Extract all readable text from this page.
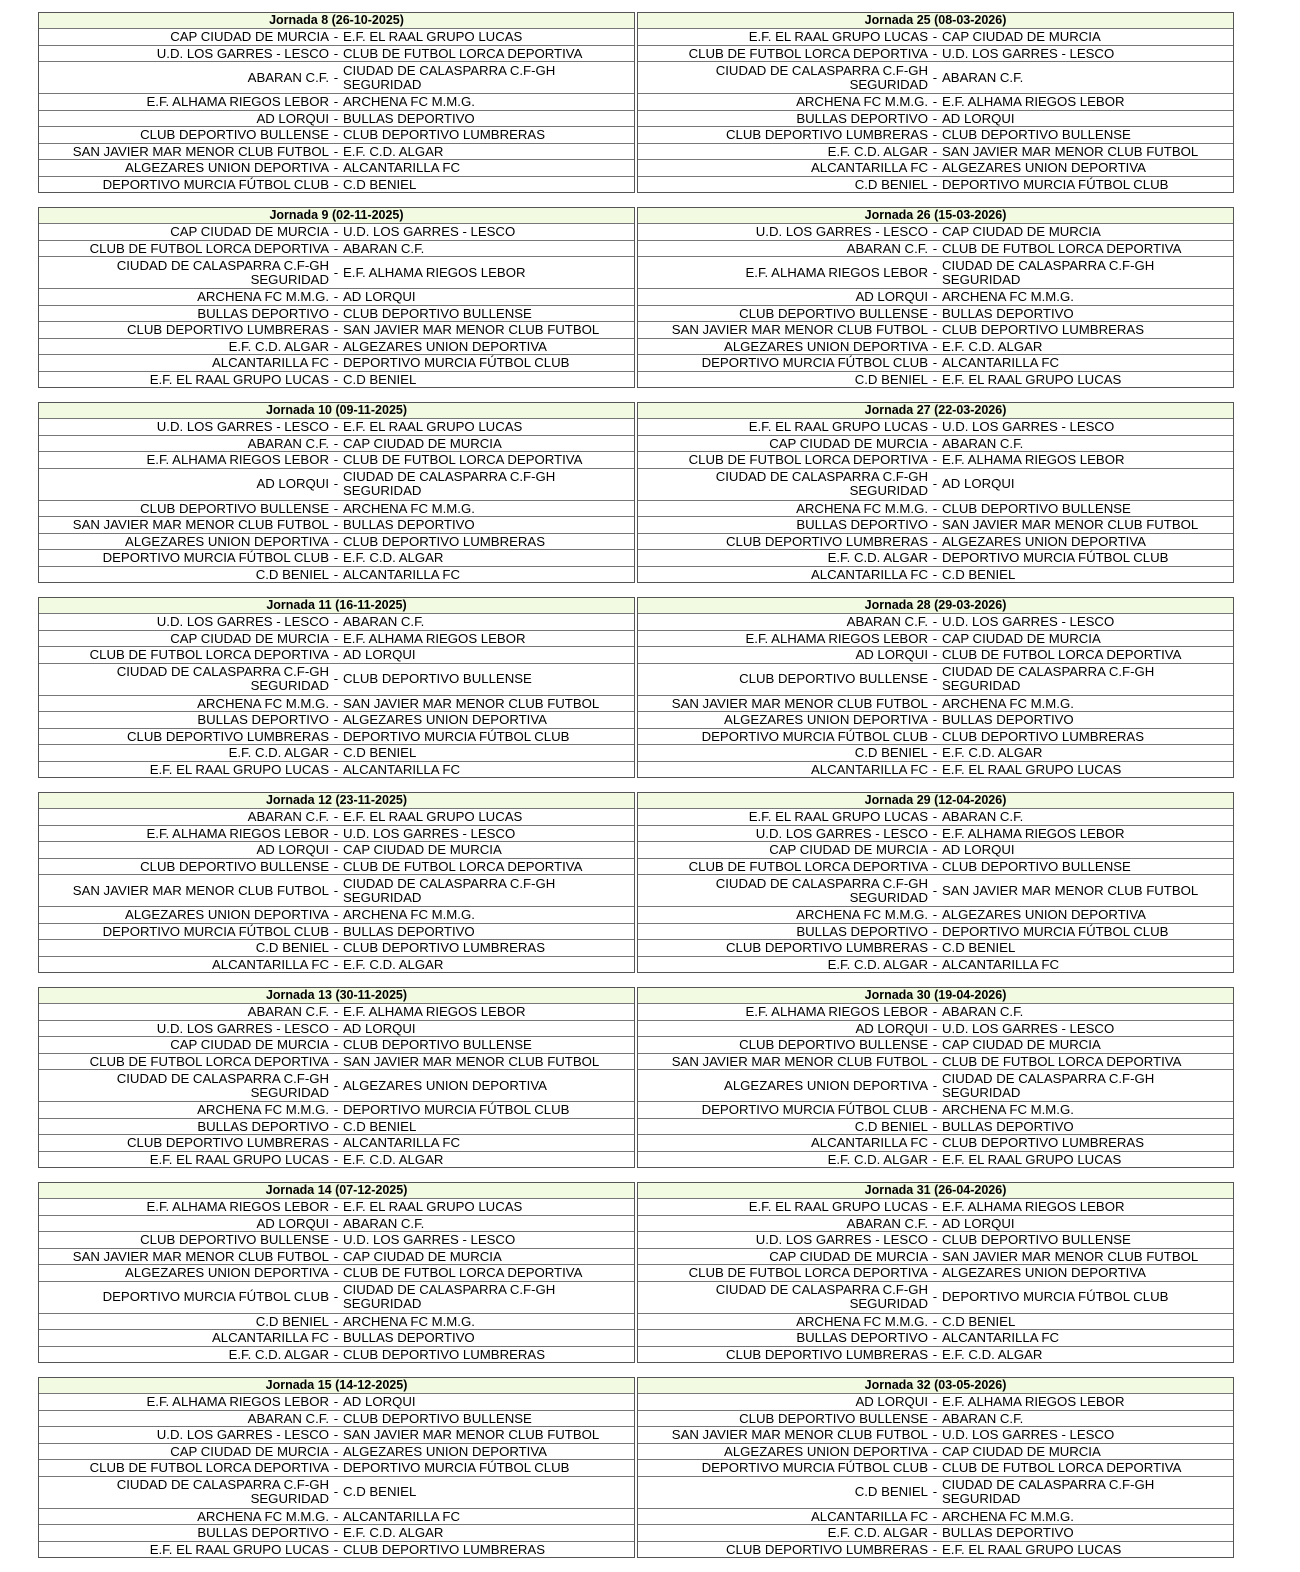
Jornada 8 (26-10-2025)
CAP CIUDAD DE MURCIA - E.F. EL RAAL GRUPO LUCAS
U.D. LOS GARRES - LESCO - CLUB DE FUTBOL LORCA DEPORTIVA
ABARAN C.F. - CIUDAD DE CALASPARRA C.F-GH
SEGURIDAD
E.F. ALHAMA RIEGOS LEBOR - ARCHENA FC M.M.G.
AD LORQUI - BULLAS DEPORTIVO
CLUB DEPORTIVO BULLENSE - CLUB DEPORTIVO LUMBRERAS
SAN JAVIER MAR MENOR CLUB FUTBOL - E.F. C.D. ALGAR
ALGEZARES UNION DEPORTIVA - ALCANTARILLA FC
DEPORTIVO MURCIA FÚTBOL CLUB - C.D BENIEL
Jornada 25 (08-03-2026)
E.F. EL RAAL GRUPO LUCAS - CAP CIUDAD DE MURCIA
CLUB DE FUTBOL LORCA DEPORTIVA - U.D. LOS GARRES - LESCO
CIUDAD DE CALASPARRA C.F-GH
SEGURIDAD - ABARAN C.F.
ARCHENA FC M.M.G. - E.F. ALHAMA RIEGOS LEBOR
BULLAS DEPORTIVO - AD LORQUI
CLUB DEPORTIVO LUMBRERAS - CLUB DEPORTIVO BULLENSE
E.F. C.D. ALGAR - SAN JAVIER MAR MENOR CLUB FUTBOL
ALCANTARILLA FC - ALGEZARES UNION DEPORTIVA
C.D BENIEL - DEPORTIVO MURCIA FÚTBOL CLUB
Jornada 9 (02-11-2025)
CAP CIUDAD DE MURCIA - U.D. LOS GARRES - LESCO
CLUB DE FUTBOL LORCA DEPORTIVA - ABARAN C.F.
CIUDAD DE CALASPARRA C.F-GH
SEGURIDAD - E.F. ALHAMA RIEGOS LEBOR
ARCHENA FC M.M.G. - AD LORQUI
BULLAS DEPORTIVO - CLUB DEPORTIVO BULLENSE
CLUB DEPORTIVO LUMBRERAS - SAN JAVIER MAR MENOR CLUB FUTBOL
E.F. C.D. ALGAR - ALGEZARES UNION DEPORTIVA
ALCANTARILLA FC - DEPORTIVO MURCIA FÚTBOL CLUB
E.F. EL RAAL GRUPO LUCAS - C.D BENIEL
Jornada 26 (15-03-2026)
U.D. LOS GARRES - LESCO - CAP CIUDAD DE MURCIA
ABARAN C.F. - CLUB DE FUTBOL LORCA DEPORTIVA
E.F. ALHAMA RIEGOS LEBOR - CIUDAD DE CALASPARRA C.F-GH
SEGURIDAD
AD LORQUI - ARCHENA FC M.M.G.
CLUB DEPORTIVO BULLENSE - BULLAS DEPORTIVO
SAN JAVIER MAR MENOR CLUB FUTBOL - CLUB DEPORTIVO LUMBRERAS
ALGEZARES UNION DEPORTIVA - E.F. C.D. ALGAR
DEPORTIVO MURCIA FÚTBOL CLUB - ALCANTARILLA FC
C.D BENIEL - E.F. EL RAAL GRUPO LUCAS
Jornada 10 (09-11-2025)
U.D. LOS GARRES - LESCO - E.F. EL RAAL GRUPO LUCAS
ABARAN C.F. - CAP CIUDAD DE MURCIA
E.F. ALHAMA RIEGOS LEBOR - CLUB DE FUTBOL LORCA DEPORTIVA
AD LORQUI - CIUDAD DE CALASPARRA C.F-GH
SEGURIDAD
CLUB DEPORTIVO BULLENSE - ARCHENA FC M.M.G.
SAN JAVIER MAR MENOR CLUB FUTBOL - BULLAS DEPORTIVO
ALGEZARES UNION DEPORTIVA - CLUB DEPORTIVO LUMBRERAS
DEPORTIVO MURCIA FÚTBOL CLUB - E.F. C.D. ALGAR
C.D BENIEL - ALCANTARILLA FC
Jornada 27 (22-03-2026)
E.F. EL RAAL GRUPO LUCAS - U.D. LOS GARRES - LESCO
CAP CIUDAD DE MURCIA - ABARAN C.F.
CLUB DE FUTBOL LORCA DEPORTIVA - E.F. ALHAMA RIEGOS LEBOR
CIUDAD DE CALASPARRA C.F-GH
SEGURIDAD - AD LORQUI
ARCHENA FC M.M.G. - CLUB DEPORTIVO BULLENSE
BULLAS DEPORTIVO - SAN JAVIER MAR MENOR CLUB FUTBOL
CLUB DEPORTIVO LUMBRERAS - ALGEZARES UNION DEPORTIVA
E.F. C.D. ALGAR - DEPORTIVO MURCIA FÚTBOL CLUB
ALCANTARILLA FC - C.D BENIEL
Jornada 11 (16-11-2025)
U.D. LOS GARRES - LESCO - ABARAN C.F.
CAP CIUDAD DE MURCIA - E.F. ALHAMA RIEGOS LEBOR
CLUB DE FUTBOL LORCA DEPORTIVA - AD LORQUI
CIUDAD DE CALASPARRA C.F-GH
SEGURIDAD - CLUB DEPORTIVO BULLENSE
ARCHENA FC M.M.G. - SAN JAVIER MAR MENOR CLUB FUTBOL
BULLAS DEPORTIVO - ALGEZARES UNION DEPORTIVA
CLUB DEPORTIVO LUMBRERAS - DEPORTIVO MURCIA FÚTBOL CLUB
E.F. C.D. ALGAR - C.D BENIEL
E.F. EL RAAL GRUPO LUCAS - ALCANTARILLA FC
Jornada 28 (29-03-2026)
ABARAN C.F. - U.D. LOS GARRES - LESCO
E.F. ALHAMA RIEGOS LEBOR - CAP CIUDAD DE MURCIA
AD LORQUI - CLUB DE FUTBOL LORCA DEPORTIVA
CLUB DEPORTIVO BULLENSE - CIUDAD DE CALASPARRA C.F-GH
SEGURIDAD
SAN JAVIER MAR MENOR CLUB FUTBOL - ARCHENA FC M.M.G.
ALGEZARES UNION DEPORTIVA - BULLAS DEPORTIVO
DEPORTIVO MURCIA FÚTBOL CLUB - CLUB DEPORTIVO LUMBRERAS
C.D BENIEL - E.F. C.D. ALGAR
ALCANTARILLA FC - E.F. EL RAAL GRUPO LUCAS
Jornada 12 (23-11-2025)
ABARAN C.F. - E.F. EL RAAL GRUPO LUCAS
E.F. ALHAMA RIEGOS LEBOR - U.D. LOS GARRES - LESCO
AD LORQUI - CAP CIUDAD DE MURCIA
CLUB DEPORTIVO BULLENSE - CLUB DE FUTBOL LORCA DEPORTIVA
SAN JAVIER MAR MENOR CLUB FUTBOL - CIUDAD DE CALASPARRA C.F-GH
SEGURIDAD
ALGEZARES UNION DEPORTIVA - ARCHENA FC M.M.G.
DEPORTIVO MURCIA FÚTBOL CLUB - BULLAS DEPORTIVO
C.D BENIEL - CLUB DEPORTIVO LUMBRERAS
ALCANTARILLA FC - E.F. C.D. ALGAR
Jornada 29 (12-04-2026)
E.F. EL RAAL GRUPO LUCAS - ABARAN C.F.
U.D. LOS GARRES - LESCO - E.F. ALHAMA RIEGOS LEBOR
CAP CIUDAD DE MURCIA - AD LORQUI
CLUB DE FUTBOL LORCA DEPORTIVA - CLUB DEPORTIVO BULLENSE
CIUDAD DE CALASPARRA C.F-GH
SEGURIDAD - SAN JAVIER MAR MENOR CLUB FUTBOL
ARCHENA FC M.M.G. - ALGEZARES UNION DEPORTIVA
BULLAS DEPORTIVO - DEPORTIVO MURCIA FÚTBOL CLUB
CLUB DEPORTIVO LUMBRERAS - C.D BENIEL
E.F. C.D. ALGAR - ALCANTARILLA FC
Jornada 13 (30-11-2025)
ABARAN C.F. - E.F. ALHAMA RIEGOS LEBOR
U.D. LOS GARRES - LESCO - AD LORQUI
CAP CIUDAD DE MURCIA - CLUB DEPORTIVO BULLENSE
CLUB DE FUTBOL LORCA DEPORTIVA - SAN JAVIER MAR MENOR CLUB FUTBOL
CIUDAD DE CALASPARRA C.F-GH
SEGURIDAD - ALGEZARES UNION DEPORTIVA
ARCHENA FC M.M.G. - DEPORTIVO MURCIA FÚTBOL CLUB
BULLAS DEPORTIVO - C.D BENIEL
CLUB DEPORTIVO LUMBRERAS - ALCANTARILLA FC
E.F. EL RAAL GRUPO LUCAS - E.F. C.D. ALGAR
Jornada 30 (19-04-2026)
E.F. ALHAMA RIEGOS LEBOR - ABARAN C.F.
AD LORQUI - U.D. LOS GARRES - LESCO
CLUB DEPORTIVO BULLENSE - CAP CIUDAD DE MURCIA
SAN JAVIER MAR MENOR CLUB FUTBOL - CLUB DE FUTBOL LORCA DEPORTIVA
ALGEZARES UNION DEPORTIVA - CIUDAD DE CALASPARRA C.F-GH
SEGURIDAD
DEPORTIVO MURCIA FÚTBOL CLUB - ARCHENA FC M.M.G.
C.D BENIEL - BULLAS DEPORTIVO
ALCANTARILLA FC - CLUB DEPORTIVO LUMBRERAS
E.F. C.D. ALGAR - E.F. EL RAAL GRUPO LUCAS
Jornada 14 (07-12-2025)
E.F. ALHAMA RIEGOS LEBOR - E.F. EL RAAL GRUPO LUCAS
AD LORQUI - ABARAN C.F.
CLUB DEPORTIVO BULLENSE - U.D. LOS GARRES - LESCO
SAN JAVIER MAR MENOR CLUB FUTBOL - CAP CIUDAD DE MURCIA
ALGEZARES UNION DEPORTIVA - CLUB DE FUTBOL LORCA DEPORTIVA
DEPORTIVO MURCIA FÚTBOL CLUB - CIUDAD DE CALASPARRA C.F-GH
SEGURIDAD
C.D BENIEL - ARCHENA FC M.M.G.
ALCANTARILLA FC - BULLAS DEPORTIVO
E.F. C.D. ALGAR - CLUB DEPORTIVO LUMBRERAS
Jornada 31 (26-04-2026)
E.F. EL RAAL GRUPO LUCAS - E.F. ALHAMA RIEGOS LEBOR
ABARAN C.F. - AD LORQUI
U.D. LOS GARRES - LESCO - CLUB DEPORTIVO BULLENSE
CAP CIUDAD DE MURCIA - SAN JAVIER MAR MENOR CLUB FUTBOL
CLUB DE FUTBOL LORCA DEPORTIVA - ALGEZARES UNION DEPORTIVA
CIUDAD DE CALASPARRA C.F-GH
SEGURIDAD - DEPORTIVO MURCIA FÚTBOL CLUB
ARCHENA FC M.M.G. - C.D BENIEL
BULLAS DEPORTIVO - ALCANTARILLA FC
CLUB DEPORTIVO LUMBRERAS - E.F. C.D. ALGAR
Jornada 15 (14-12-2025)
E.F. ALHAMA RIEGOS LEBOR - AD LORQUI
ABARAN C.F. - CLUB DEPORTIVO BULLENSE
U.D. LOS GARRES - LESCO - SAN JAVIER MAR MENOR CLUB FUTBOL
CAP CIUDAD DE MURCIA - ALGEZARES UNION DEPORTIVA
CLUB DE FUTBOL LORCA DEPORTIVA - DEPORTIVO MURCIA FÚTBOL CLUB
CIUDAD DE CALASPARRA C.F-GH
SEGURIDAD - C.D BENIEL
ARCHENA FC M.M.G. - ALCANTARILLA FC
BULLAS DEPORTIVO - E.F. C.D. ALGAR
E.F. EL RAAL GRUPO LUCAS - CLUB DEPORTIVO LUMBRERAS
Jornada 32 (03-05-2026)
AD LORQUI - E.F. ALHAMA RIEGOS LEBOR
CLUB DEPORTIVO BULLENSE - ABARAN C.F.
SAN JAVIER MAR MENOR CLUB FUTBOL - U.D. LOS GARRES - LESCO
ALGEZARES UNION DEPORTIVA - CAP CIUDAD DE MURCIA
DEPORTIVO MURCIA FÚTBOL CLUB - CLUB DE FUTBOL LORCA DEPORTIVA
C.D BENIEL - CIUDAD DE CALASPARRA C.F-GH
SEGURIDAD
ALCANTARILLA FC - ARCHENA FC M.M.G.
E.F. C.D. ALGAR - BULLAS DEPORTIVO
CLUB DEPORTIVO LUMBRERAS - E.F. EL RAAL GRUPO LUCAS
